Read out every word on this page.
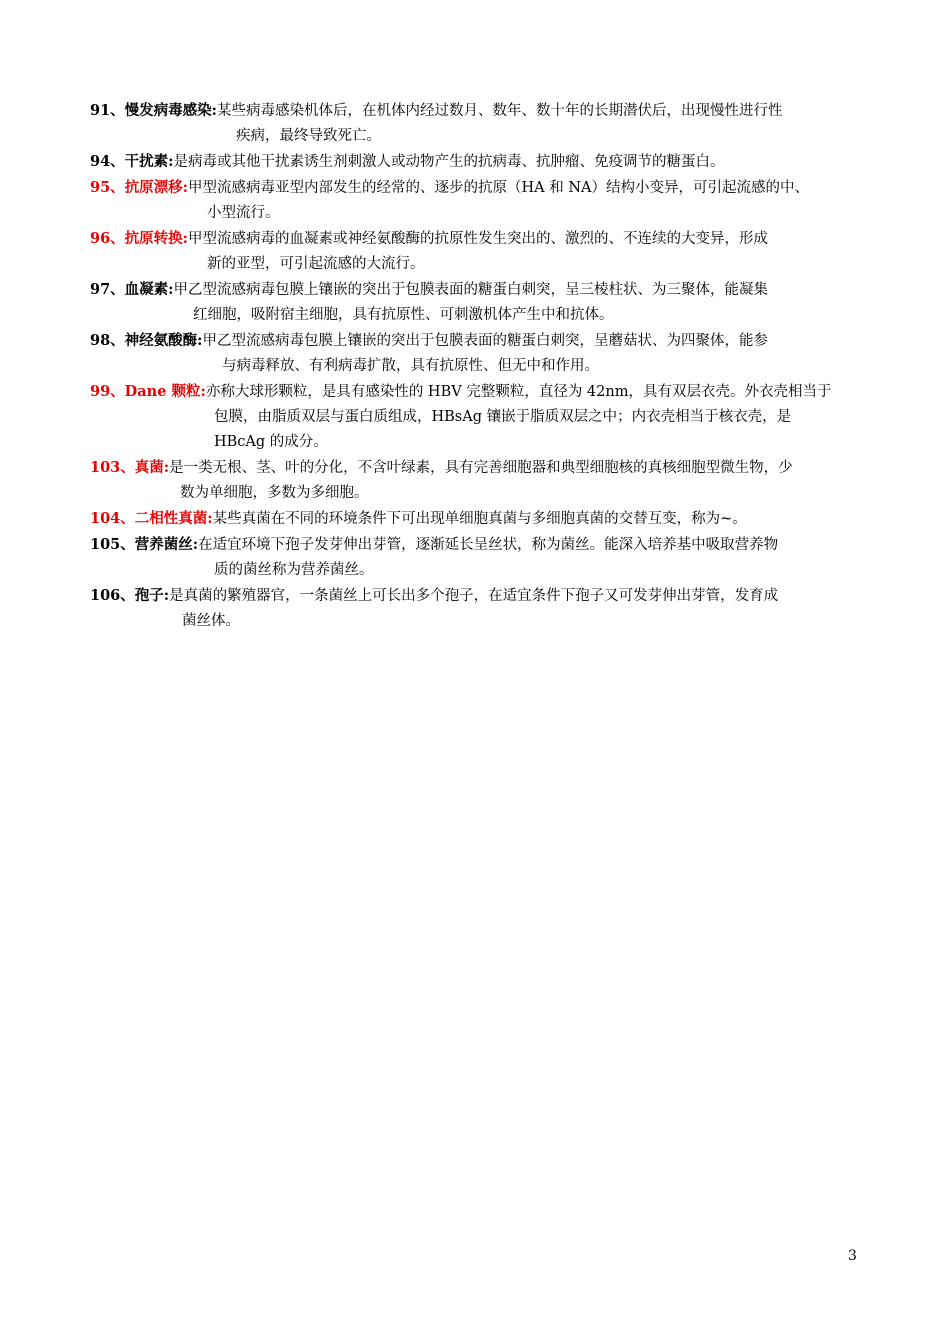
91、慢发病毒感染:某些病毒感染机体后，在机体内经过数月、数年、数十年的长期潜伏后，出现慢性进行性
疾病，最终导致死亡。
94、干扰素:是病毒或其他干扰素诱生剂刺激人或动物产生的抗病毒、抗肿瘤、免疫调节的糖蛋白。
95、抗原漂移:甲型流感病毒亚型内部发生的经常的、逐步的抗原（HA 和 NA）结构小变异，可引起流感的中、
小型流行。
96、抗原转换:甲型流感病毒的血凝素或神经氨酸酶的抗原性发生突出的、激烈的、不连续的大变异，形成
新的亚型，可引起流感的大流行。
97、血凝素:甲乙型流感病毒包膜上镶嵌的突出于包膜表面的糖蛋白刺突，呈三棱柱状、为三聚体，能凝集
红细胞，吸附宿主细胞，具有抗原性、可刺激机体产生中和抗体。
98、神经氨酸酶:甲乙型流感病毒包膜上镶嵌的突出于包膜表面的糖蛋白刺突，呈蘑菇状、为四聚体，能参
与病毒释放、有利病毒扩散，具有抗原性、但无中和作用。
99、Dane 颗粒:亦称大球形颗粒，是具有感染性的 HBV 完整颗粒，直径为 42nm，具有双层衣壳。外衣壳相当于
包膜，由脂质双层与蛋白质组成，HBsAg 镶嵌于脂质双层之中；内衣壳相当于核衣壳，是
HBcAg 的成分。
103、真菌:是一类无根、茎、叶的分化，不含叶绿素，具有完善细胞器和典型细胞核的真核细胞型微生物，少
数为单细胞，多数为多细胞。
104、二相性真菌:某些真菌在不同的环境条件下可出现单细胞真菌与多细胞真菌的交替互变，称为~。
105、营养菌丝:在适宜环境下孢子发芽伸出芽管，逐渐延长呈丝状，称为菌丝。能深入培养基中吸取营养物
质的菌丝称为营养菌丝。
106、孢子:是真菌的繁殖器官，一条菌丝上可长出多个孢子，在适宜条件下孢子又可发芽伸出芽管，发育成
菌丝体。
3
